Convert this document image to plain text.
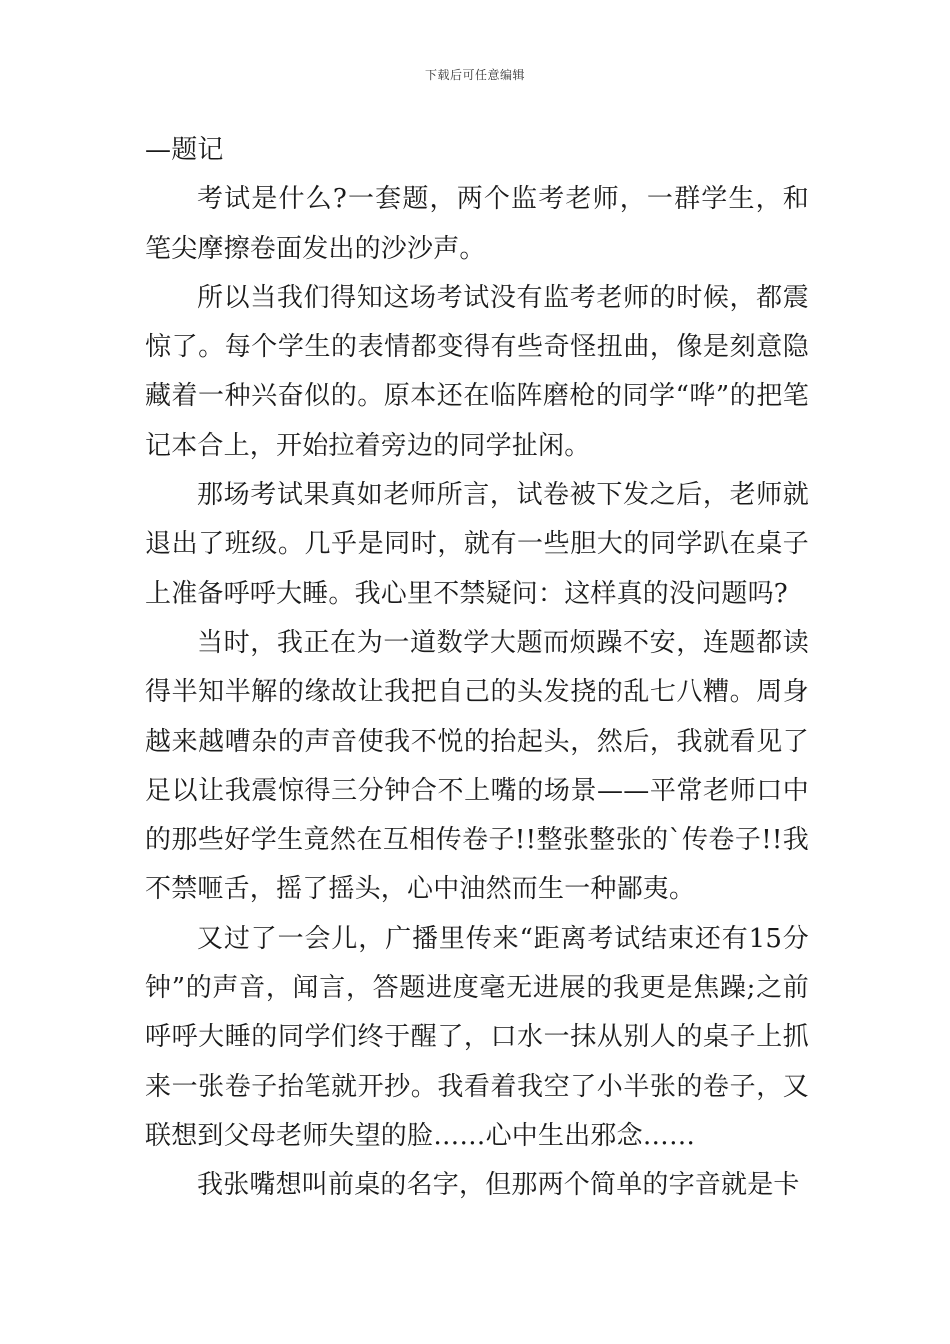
下载后可任意编辑

—题记

考试是什么?一套题，两个监考老师，一群学生，和笔尖摩擦卷面发出的沙沙声。

所以当我们得知这场考试没有监考老师的时候，都震惊了。每个学生的表情都变得有些奇怪扭曲，像是刻意隐藏着一种兴奋似的。原本还在临阵磨枪的同学“哗”的把笔记本合上，开始拉着旁边的同学扯闲。

那场考试果真如老师所言，试卷被下发之后，老师就退出了班级。几乎是同时，就有一些胆大的同学趴在桌子上准备呼呼大睡。我心里不禁疑问：这样真的没问题吗?

当时，我正在为一道数学大题而烦躁不安，连题都读得半知半解的缘故让我把自己的头发挠的乱七八糟。周身越来越嘈杂的声音使我不悦的抬起头，然后，我就看见了足以让我震惊得三分钟合不上嘴的场景——平常老师口中的那些好学生竟然在互相传卷子!!整张整张的`传卷子!!我不禁咂舌，摇了摇头，心中油然而生一种鄙夷。

又过了一会儿，广播里传来“距离考试结束还有15分钟”的声音，闻言，答题进度毫无进展的我更是焦躁;之前呼呼大睡的同学们终于醒了，口水一抹从别人的桌子上抓来一张卷子抬笔就开抄。我看着我空了小半张的卷子，又联想到父母老师失望的脸……心中生出邪念……

我张嘴想叫前桌的名字，但那两个简单的字音就是卡
